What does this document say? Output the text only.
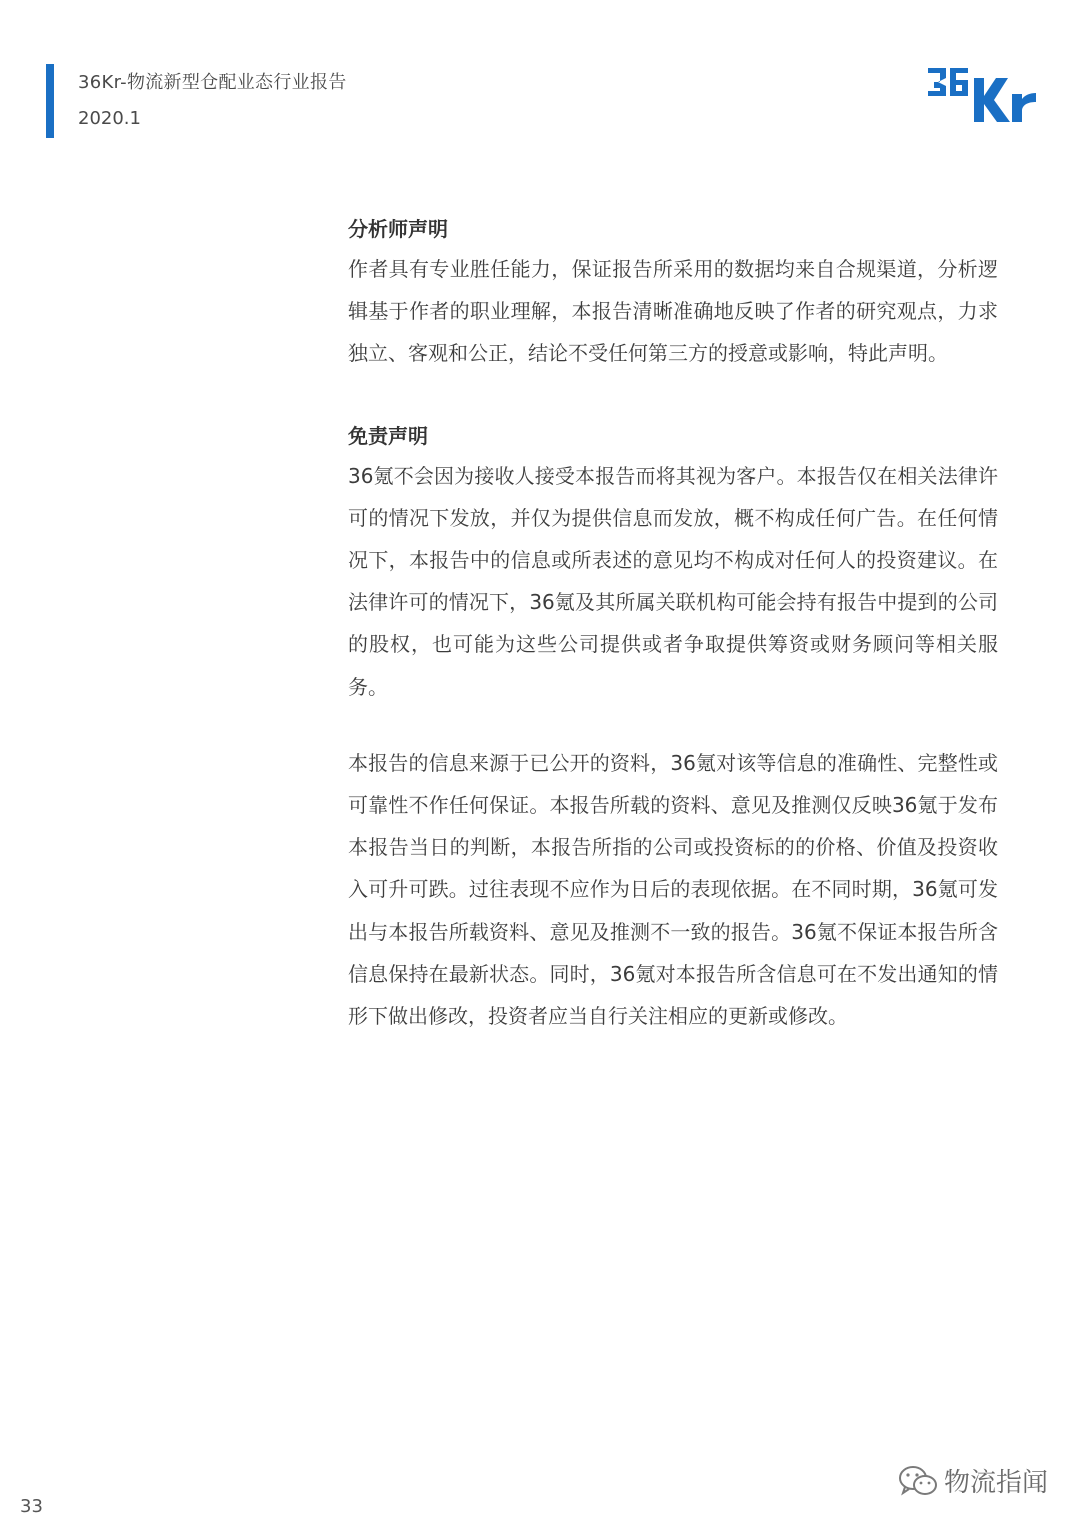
36Kr-物流新型仓配业态行业报告
2020.1
分析师声明

作者具有专业胜任能力，保证报告所采用的数据均来自合规渠道，分析逻辑基于作者的职业理解，本报告清晰准确地反映了作者的研究观点，力求独立、客观和公正，结论不受任何第三方的授意或影响，特此声明。

免责声明

36氪不会因为接收人接受本报告而将其视为客户。本报告仅在相关法律许可的情况下发放，并仅为提供信息而发放，概不构成任何广告。在任何情况下，本报告中的信息或所表述的意见均不构成对任何人的投资建议。在法律许可的情况下，36氪及其所属关联机构可能会持有报告中提到的公司的股权，也可能为这些公司提供或者争取提供筹资或财务顾问等相关服务。

本报告的信息来源于已公开的资料，36氪对该等信息的准确性、完整性或可靠性不作任何保证。本报告所载的资料、意见及推测仅反映36氪于发布本报告当日的判断，本报告所指的公司或投资标的的价格、价值及投资收入可升可跌。过往表现不应作为日后的表现依据。在不同时期，36氪可发出与本报告所载资料、意见及推测不一致的报告。36氪不保证本报告所含信息保持在最新状态。同时，36氪对本报告所含信息可在不发出通知的情形下做出修改，投资者应当自行关注相应的更新或修改。

33
物流指闻
